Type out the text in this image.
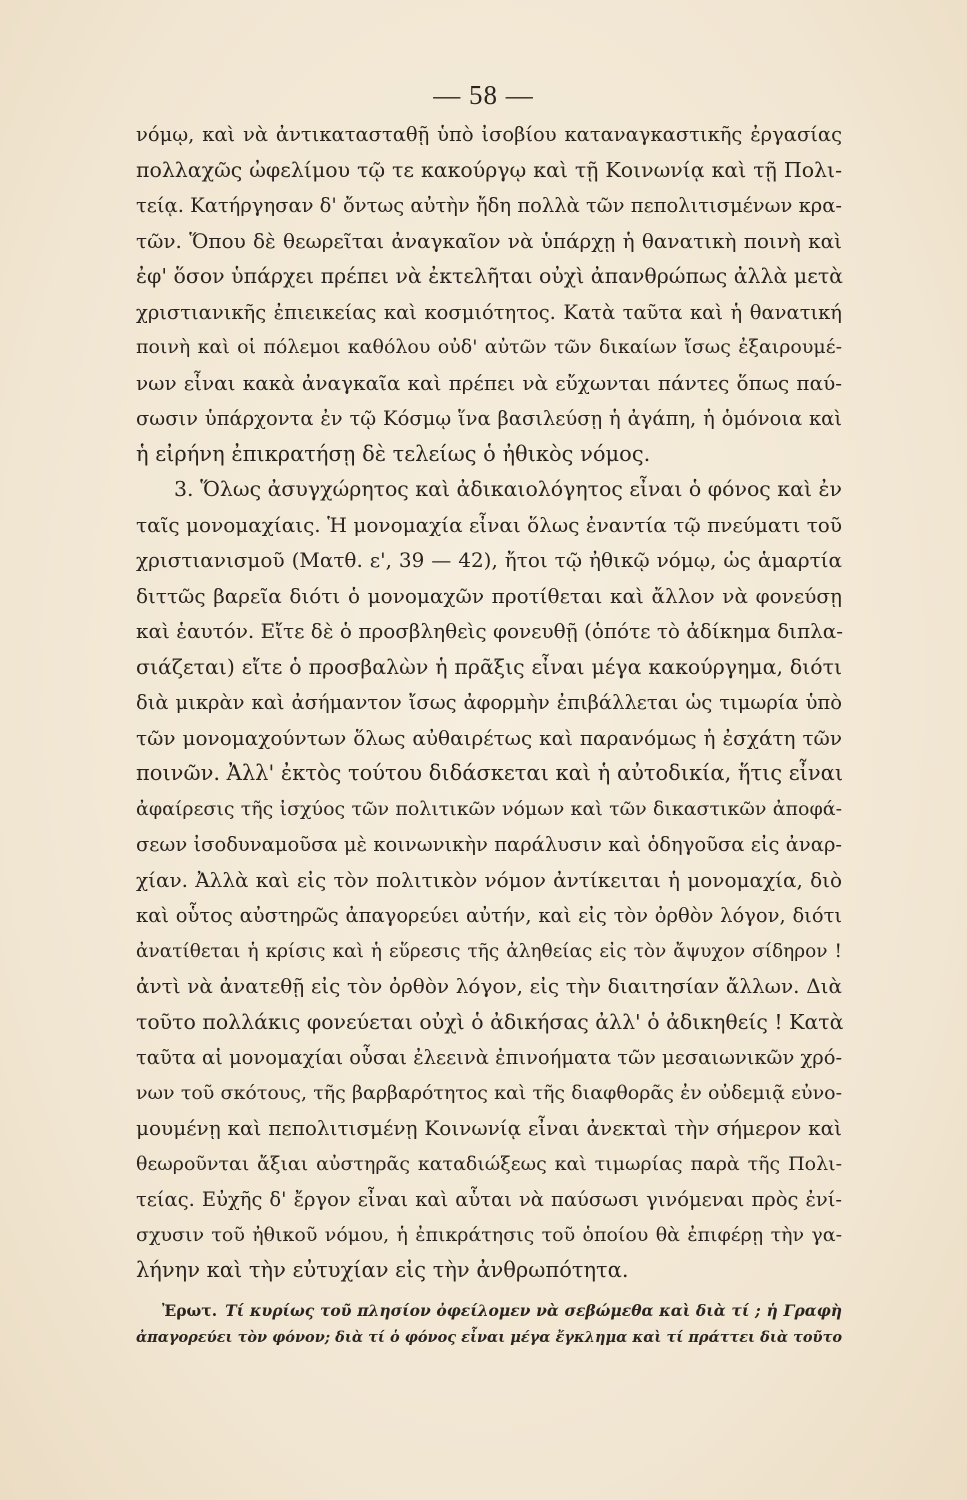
— 58 —
νόμῳ, καὶ νὰ ἀντικατασταθῇ ὑπὸ ἰσοβίου καταναγκαστικῆς ἐργασίας
πολλαχῶς ὠφελίμου τῷ τε κακούργῳ καὶ τῇ Κοινωνίᾳ καὶ τῇ Πολι-
τείᾳ. Κατήργησαν δ' ὄντως αὐτὴν ἤδη πολλὰ τῶν πεπολιτισμένων κρα-
τῶν. Ὅπου δὲ θεωρεῖται ἀναγκαῖον νὰ ὑπάρχῃ ἡ θανατικὴ ποινὴ καὶ
ἐφ' ὅσον ὑπάρχει πρέπει νὰ ἐκτελῆται οὐχὶ ἀπανθρώπως ἀλλὰ μετὰ
χριστιανικῆς ἐπιεικείας καὶ κοσμιότητος. Κατὰ ταῦτα καὶ ἡ θανατική
ποινὴ καὶ οἱ πόλεμοι καθόλου οὐδ' αὐτῶν τῶν δικαίων ἴσως ἐξαιρουμέ-
νων εἶναι κακὰ ἀναγκαῖα καὶ πρέπει νὰ εὔχωνται πάντες ὅπως παύ-
σωσιν ὑπάρχοντα ἐν τῷ Κόσμῳ ἵνα βασιλεύσῃ ἡ ἀγάπη, ἡ ὁμόνοια καὶ
ἡ εἰρήνη ἐπικρατήσῃ δὲ τελείως ὁ ἠθικὸς νόμος.
3. Ὅλως ἀσυγχώρητος καὶ ἀδικαιολόγητος εἶναι ὁ φόνος καὶ ἐν
ταῖς μονομαχίαις. Ἡ μονομαχία εἶναι ὅλως ἐναντία τῷ πνεύματι τοῦ
χριστιανισμοῦ (Ματθ. ε', 39 — 42), ἤτοι τῷ ἠθικῷ νόμῳ, ὡς ἁμαρτία
διττῶς βαρεῖα διότι ὁ μονομαχῶν προτίθεται καὶ ἄλλον νὰ φονεύσῃ
καὶ ἑαυτόν. Εἴτε δὲ ὁ προσβληθεὶς φονευθῇ (ὁπότε τὸ ἀδίκημα διπλα-
σιάζεται) εἴτε ὁ προσβαλὼν ἡ πρᾶξις εἶναι μέγα κακούργημα, διότι
διὰ μικρὰν καὶ ἀσήμαντον ἴσως ἀφορμὴν ἐπιβάλλεται ὡς τιμωρία ὑπὸ
τῶν μονομαχούντων ὅλως αὐθαιρέτως καὶ παρανόμως ἡ ἐσχάτη τῶν
ποινῶν. Ἀλλ' ἐκτὸς τούτου διδάσκεται καὶ ἡ αὐτοδικία, ἥτις εἶναι
ἀφαίρεσις τῆς ἰσχύος τῶν πολιτικῶν νόμων καὶ τῶν δικαστικῶν ἀποφά-
σεων ἰσοδυναμοῦσα μὲ κοινωνικὴν παράλυσιν καὶ ὁδηγοῦσα εἰς ἀναρ-
χίαν. Ἀλλὰ καὶ εἰς τὸν πολιτικὸν νόμον ἀντίκειται ἡ μονομαχία, διὸ
καὶ οὗτος αὐστηρῶς ἀπαγορεύει αὐτήν, καὶ εἰς τὸν ὀρθὸν λόγον, διότι
ἀνατίθεται ἡ κρίσις καὶ ἡ εὕρεσις τῆς ἀληθείας εἰς τὸν ἄψυχον σίδηρον !
ἀντὶ νὰ ἀνατεθῇ εἰς τὸν ὀρθὸν λόγον, εἰς τὴν διαιτησίαν ἄλλων. Διὰ
τοῦτο πολλάκις φονεύεται οὐχὶ ὁ ἀδικήσας ἀλλ' ὁ ἀδικηθείς ! Κατὰ
ταῦτα αἱ μονομαχίαι οὖσαι ἐλεεινὰ ἐπινοήματα τῶν μεσαιωνικῶν χρό-
νων τοῦ σκότους, τῆς βαρβαρότητος καὶ τῆς διαφθορᾶς ἐν οὐδεμιᾷ εὐνο-
μουμένῃ καὶ πεπολιτισμένῃ Κοινωνίᾳ εἶναι ἀνεκταὶ τὴν σήμερον καὶ
θεωροῦνται ἄξιαι αὐστηρᾶς καταδιώξεως καὶ τιμωρίας παρὰ τῆς Πολι-
τείας. Εὐχῆς δ' ἔργον εἶναι καὶ αὗται νὰ παύσωσι γινόμεναι πρὸς ἐνί-
σχυσιν τοῦ ἠθικοῦ νόμου, ἡ ἐπικράτησις τοῦ ὁποίου θὰ ἐπιφέρῃ τὴν γα-
λήνην καὶ τὴν εὐτυχίαν εἰς τὴν ἀνθρωπότητα.
Ἐρωτ. Τί κυρίως τοῦ πλησίον ὀφείλομεν νὰ σεβώμεθα καὶ διὰ τί ; ἡ Γραφὴ
ἀπαγορεύει τὸν φόνον; διὰ τί ὁ φόνος εἶναι μέγα ἔγκλημα καὶ τί πράττει διὰ τοῦτο
